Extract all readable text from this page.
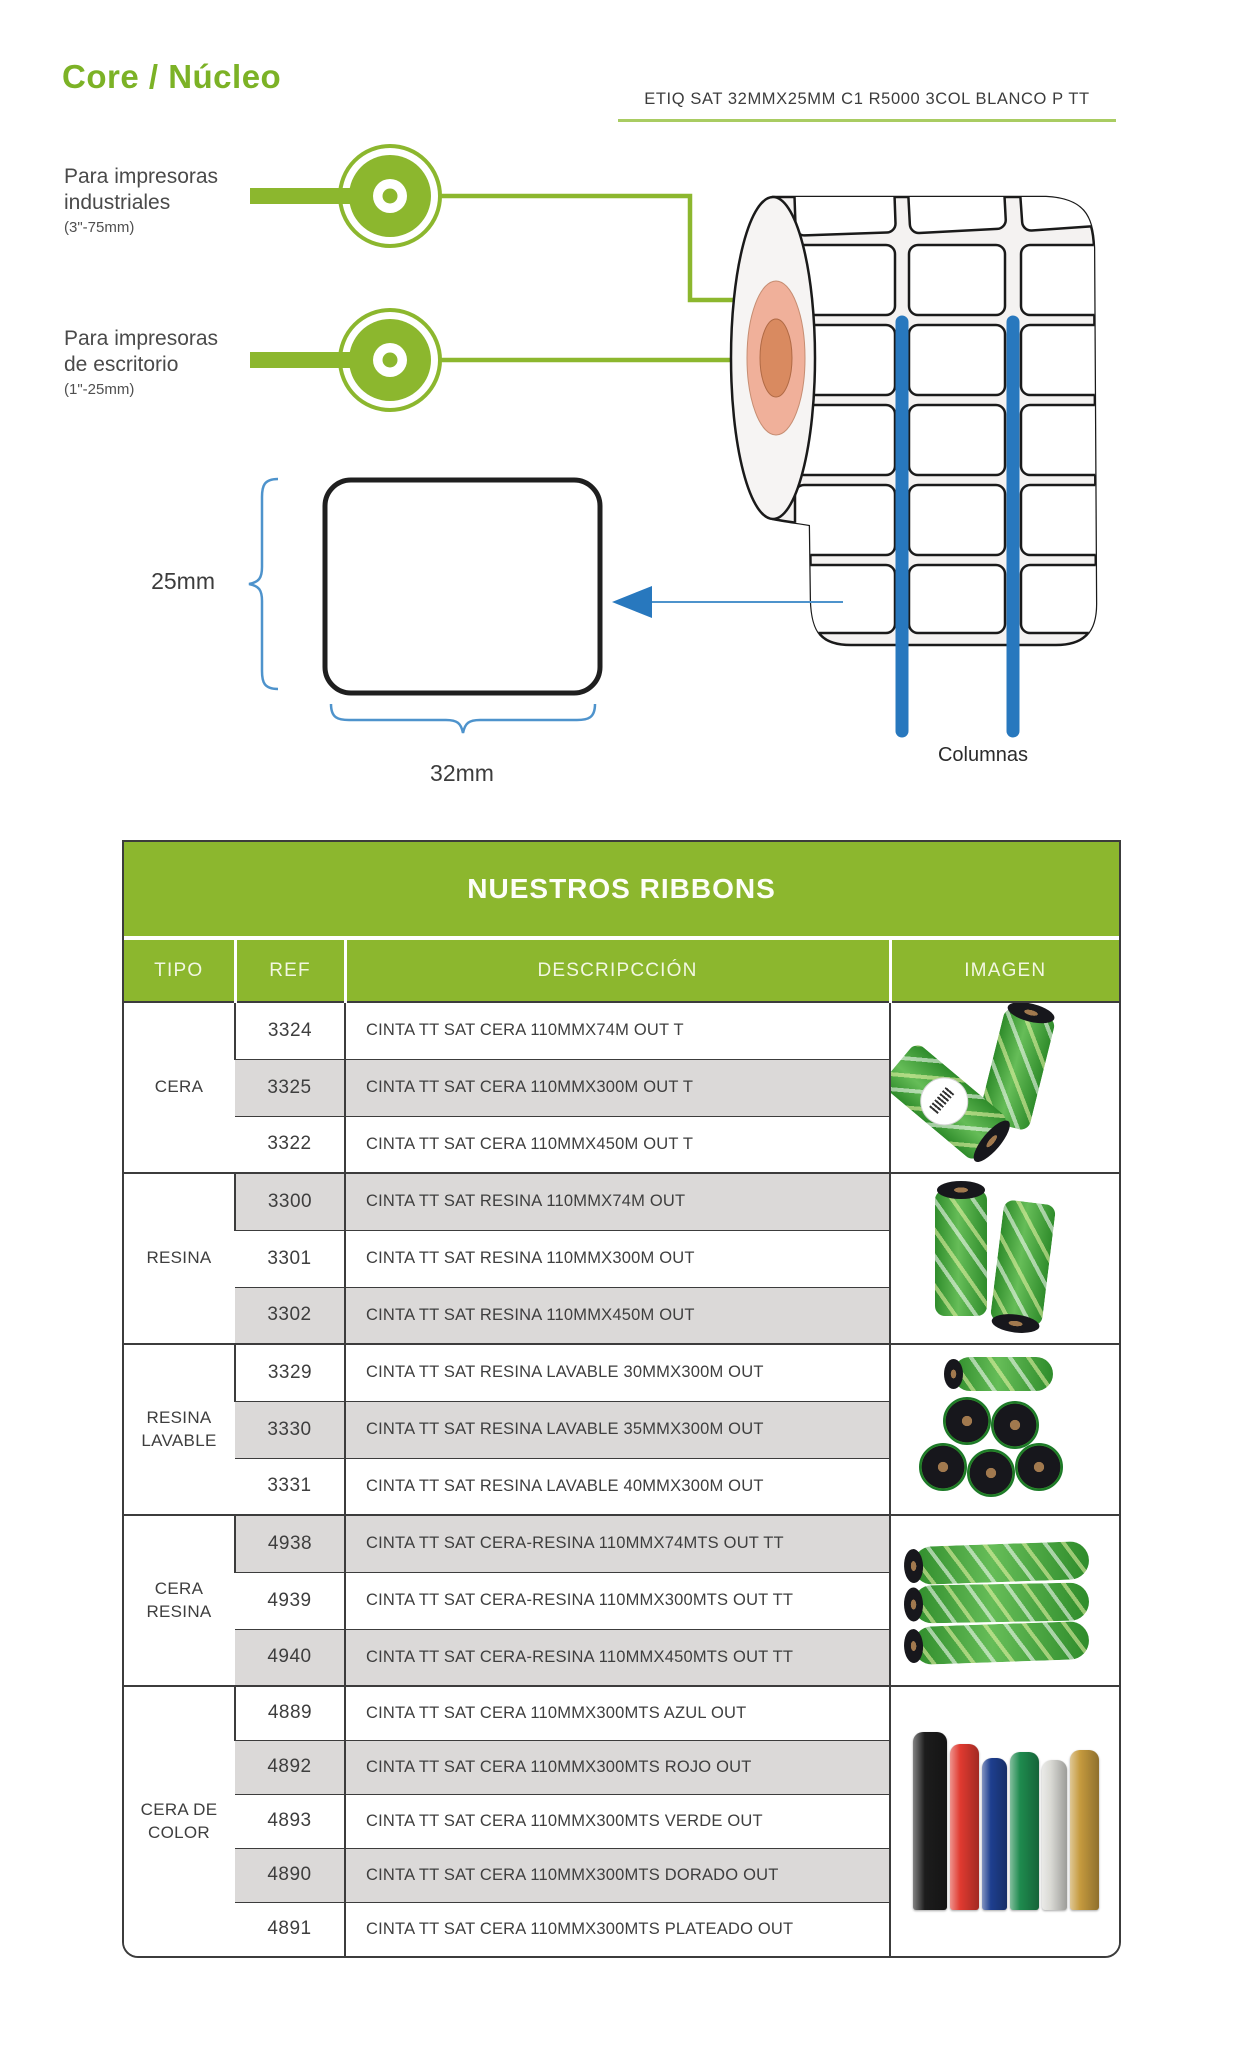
Core / Núcleo
ETIQ SAT 32MMX25MM C1 R5000 3COL BLANCO P TT
Para impresoras
industriales
(3"-75mm)
Para impresoras
de escritorio
(1"-25mm)
25mm
32mm
Columnas
NUESTROS RIBBONS			
TIPO	REF	DESCRIPCCIÓN	IMAGEN
CERA	3324	CINTA TT SAT CERA 110MMX74M OUT T	

	3325	CINTA TT SAT CERA 110MMX300M OUT T	
	3322	CINTA TT SAT CERA 110MMX450M OUT T	
RESINA	3300	CINTA TT SAT RESINA 110MMX74M OUT	

	3301	CINTA TT SAT RESINA 110MMX300M OUT	
	3302	CINTA TT SAT RESINA 110MMX450M OUT	
RESINA LAVABLE	3329	CINTA TT SAT RESINA LAVABLE 30MMX300M OUT	

	3330	CINTA TT SAT RESINA LAVABLE 35MMX300M OUT	
	3331	CINTA TT SAT RESINA LAVABLE 40MMX300M OUT	
CERA RESINA	4938	CINTA TT SAT CERA-RESINA 110MMX74MTS OUT TT	

	4939	CINTA TT SAT CERA-RESINA 110MMX300MTS OUT TT	
	4940	CINTA TT SAT CERA-RESINA 110MMX450MTS OUT TT	
CERA DE COLOR	4889	CINTA TT SAT CERA 110MMX300MTS AZUL OUT	

	4892	CINTA TT SAT CERA 110MMX300MTS ROJO OUT	
	4893	CINTA TT SAT CERA 110MMX300MTS VERDE OUT	
	4890	CINTA TT SAT CERA 110MMX300MTS DORADO OUT	
	4891	CINTA TT SAT CERA 110MMX300MTS PLATEADO OUT	
